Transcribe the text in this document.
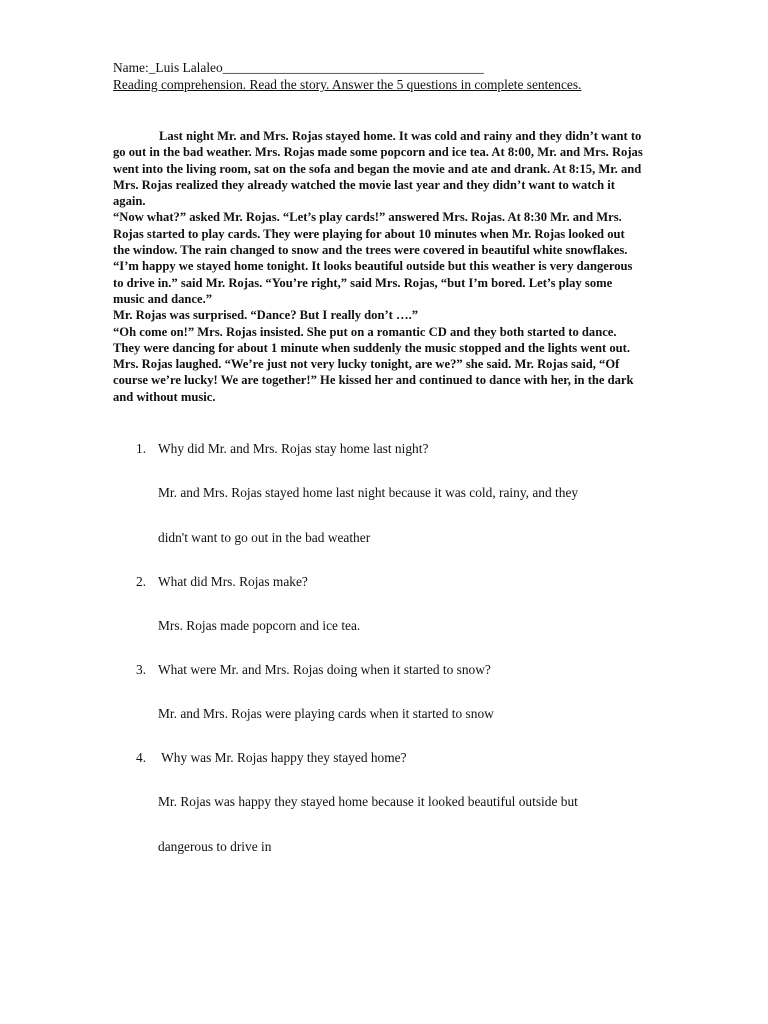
Name:_Luis Lalaleo_______________________________________
Reading comprehension. Read the story. Answer the 5 questions in complete sentences.

Last night Mr. and Mrs. Rojas stayed home. It was cold and rainy and they didn’t want to go out in the bad weather. Mrs. Rojas made some popcorn and ice tea. At 8:00, Mr. and Mrs. Rojas went into the living room, sat on the sofa and began the movie and ate and drank. At 8:15, Mr. and Mrs. Rojas realized they already watched the movie last year and they didn’t want to watch it again.

“Now what?” asked Mr. Rojas. “Let’s play cards!” answered Mrs. Rojas. At 8:30 Mr. and Mrs. Rojas started to play cards. They were playing for about 10 minutes when Mr. Rojas looked out the window. The rain changed to snow and the trees were covered in beautiful white snowflakes. “I’m happy we stayed home tonight. It looks beautiful outside but this weather is very dangerous to drive in.” said Mr. Rojas. “You’re right,” said Mrs. Rojas, “but I’m bored. Let’s play some music and dance.”

Mr. Rojas was surprised. “Dance? But I really don’t ….”

“Oh come on!” Mrs. Rojas insisted. She put on a romantic CD and they both started to dance. They were dancing for about 1 minute when suddenly the music stopped and the lights went out. Mrs. Rojas laughed. “We’re just not very lucky tonight, are we?” she said. Mr. Rojas said, “Of course we’re lucky! We are together!” He kissed her and continued to dance with her, in the dark and without music.

1. Why did Mr. and Mrs. Rojas stay home last night?
Mr. and Mrs. Rojas stayed home last night because it was cold, rainy, and they
didn't want to go out in the bad weather
2. What did Mrs. Rojas make?
Mrs. Rojas made popcorn and ice tea.
3. What were Mr. and Mrs. Rojas doing when it started to snow?
Mr. and Mrs. Rojas were playing cards when it started to snow
4. Why was Mr. Rojas happy they stayed home?
Mr. Rojas was happy they stayed home because it looked beautiful outside but
dangerous to drive in
